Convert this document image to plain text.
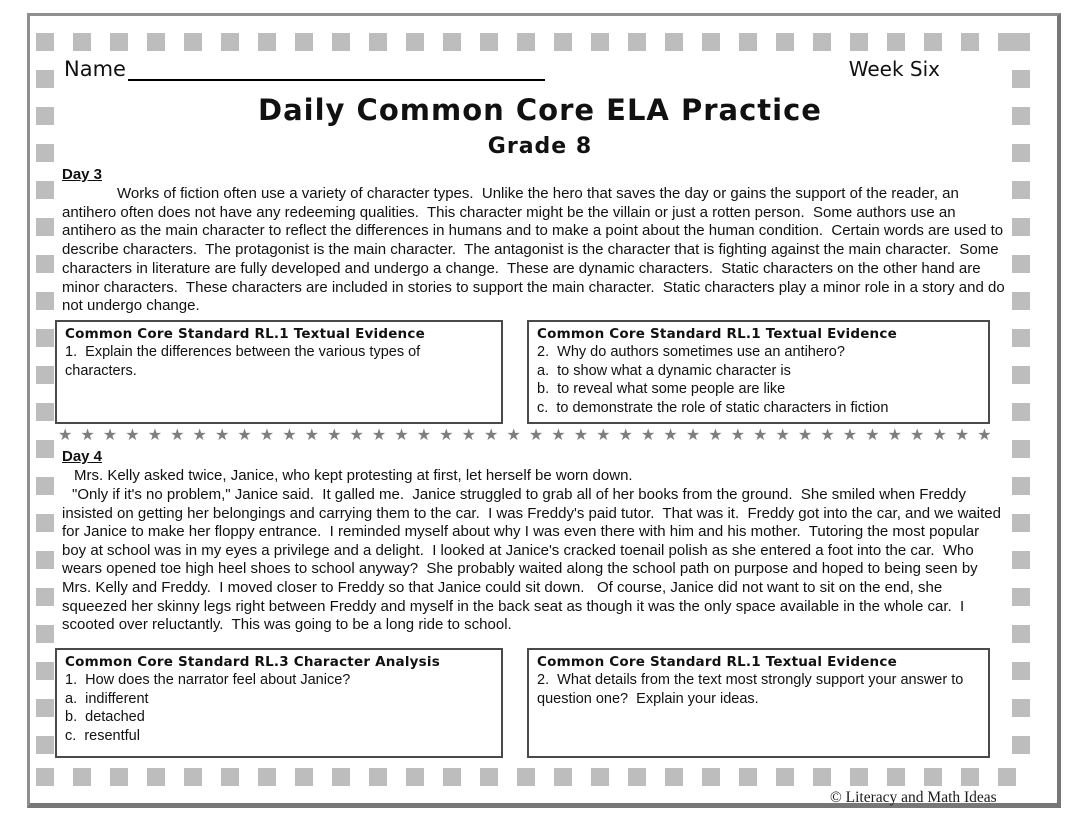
Name	Week Six
Daily Common Core ELA Practice
Grade 8
Day 3
Works of fiction often use a variety of character types.  Unlike the hero that saves the day or gains the support of the reader, an antihero often does not have any redeeming qualities.  This character might be the villain or just a rotten person.  Some authors use an antihero as the main character to reflect the differences in humans and to make a point about the human condition.  Certain words are used to describe characters.  The protagonist is the main character.  The antagonist is the character that is fighting against the main character.  Some characters in literature are fully developed and undergo a change.  These are dynamic characters.  Static characters on the other hand are minor characters.  These characters are included in stories to support the main character.  Static characters play a minor role in a story and do not undergo change.
Common Core Standard RL.1 Textual Evidence
1.  Explain the differences between the various types of characters.
Common Core Standard RL.1 Textual Evidence
2.  Why do authors sometimes use an antihero?
a.  to show what a dynamic character is
b.  to reveal what some people are like
c.  to demonstrate the role of static characters in fiction
★ ★ ★ ★ ★ ★ ★ ★ ★ ★ ★ ★ ★ ★ ★ ★ ★ ★ ★ ★ ★ ★ ★ ★ ★ ★ ★ ★ ★ ★ ★ ★ ★ ★ ★ ★ ★ ★ ★ ★ ★ ★
Day 4
Mrs. Kelly asked twice, Janice, who kept protesting at first, let herself be worn down.
"Only if it's no problem," Janice said.  It galled me.  Janice struggled to grab all of her books from the ground.  She smiled when Freddy insisted on getting her belongings and carrying them to the car.  I was Freddy's paid tutor.  That was it.  Freddy got into the car, and we waited for Janice to make her floppy entrance.  I reminded myself about why I was even there with him and his mother.  Tutoring the most popular boy at school was in my eyes a privilege and a delight.  I looked at Janice's cracked toenail polish as she entered a foot into the car.  Who wears opened toe high heel shoes to school anyway?  She probably waited along the school path on purpose and hoped to being seen by Mrs. Kelly and Freddy.  I moved closer to Freddy so that Janice could sit down.   Of course, Janice did not want to sit on the end, she squeezed her skinny legs right between Freddy and myself in the back seat as though it was the only space available in the whole car.  I scooted over reluctantly.  This was going to be a long ride to school.
Common Core Standard RL.3 Character Analysis
1.  How does the narrator feel about Janice?
a.  indifferent
b.  detached
c.  resentful
Common Core Standard RL.1 Textual Evidence
2.  What details from the text most strongly support your answer to question one?  Explain your ideas.
© Literacy and Math Ideas
